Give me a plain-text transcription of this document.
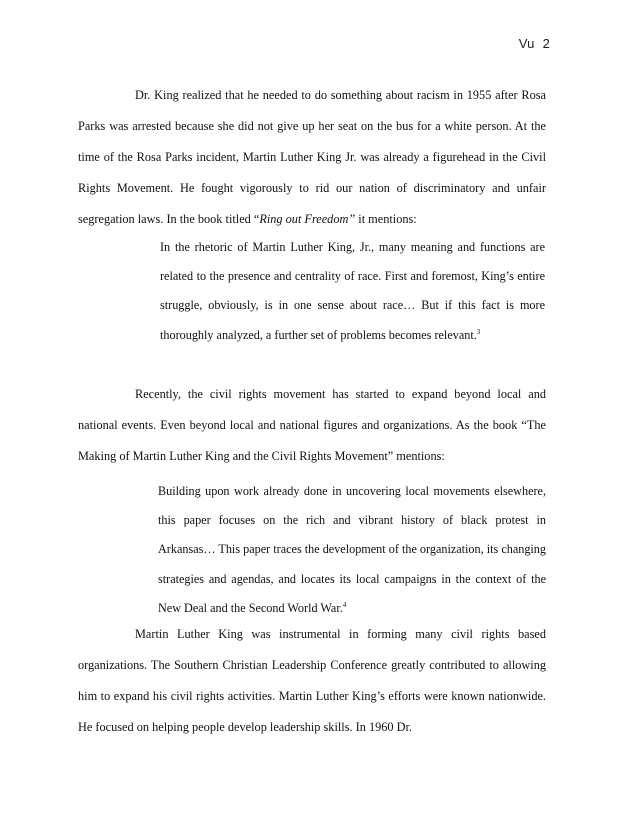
Vu 2
Dr. King realized that he needed to do something about racism in 1955 after Rosa Parks was arrested because she did not give up her seat on the bus for a white person. At the time of the Rosa Parks incident, Martin Luther King Jr. was already a figurehead in the Civil Rights Movement. He fought vigorously to rid our nation of discriminatory and unfair segregation laws. In the book titled “Ring out Freedom” it mentions:
In the rhetoric of Martin Luther King, Jr., many meaning and functions are related to the presence and centrality of race. First and foremost, King’s entire struggle, obviously, is in one sense about race… But if this fact is more thoroughly analyzed, a further set of problems becomes relevant.$^3$
Recently, the civil rights movement has started to expand beyond local and national events. Even beyond local and national figures and organizations. As the book “The Making of Martin Luther King and the Civil Rights Movement” mentions:
Building upon work already done in uncovering local movements elsewhere, this paper focuses on the rich and vibrant history of black protest in Arkansas… This paper traces the development of the organization, its changing strategies and agendas, and locates its local campaigns in the context of the New Deal and the Second World War.$^4$
Martin Luther King was instrumental in forming many civil rights based organizations. The Southern Christian Leadership Conference greatly contributed to allowing him to expand his civil rights activities. Martin Luther King’s efforts were known nationwide. He focused on helping people develop leadership skills. In 1960 Dr.
